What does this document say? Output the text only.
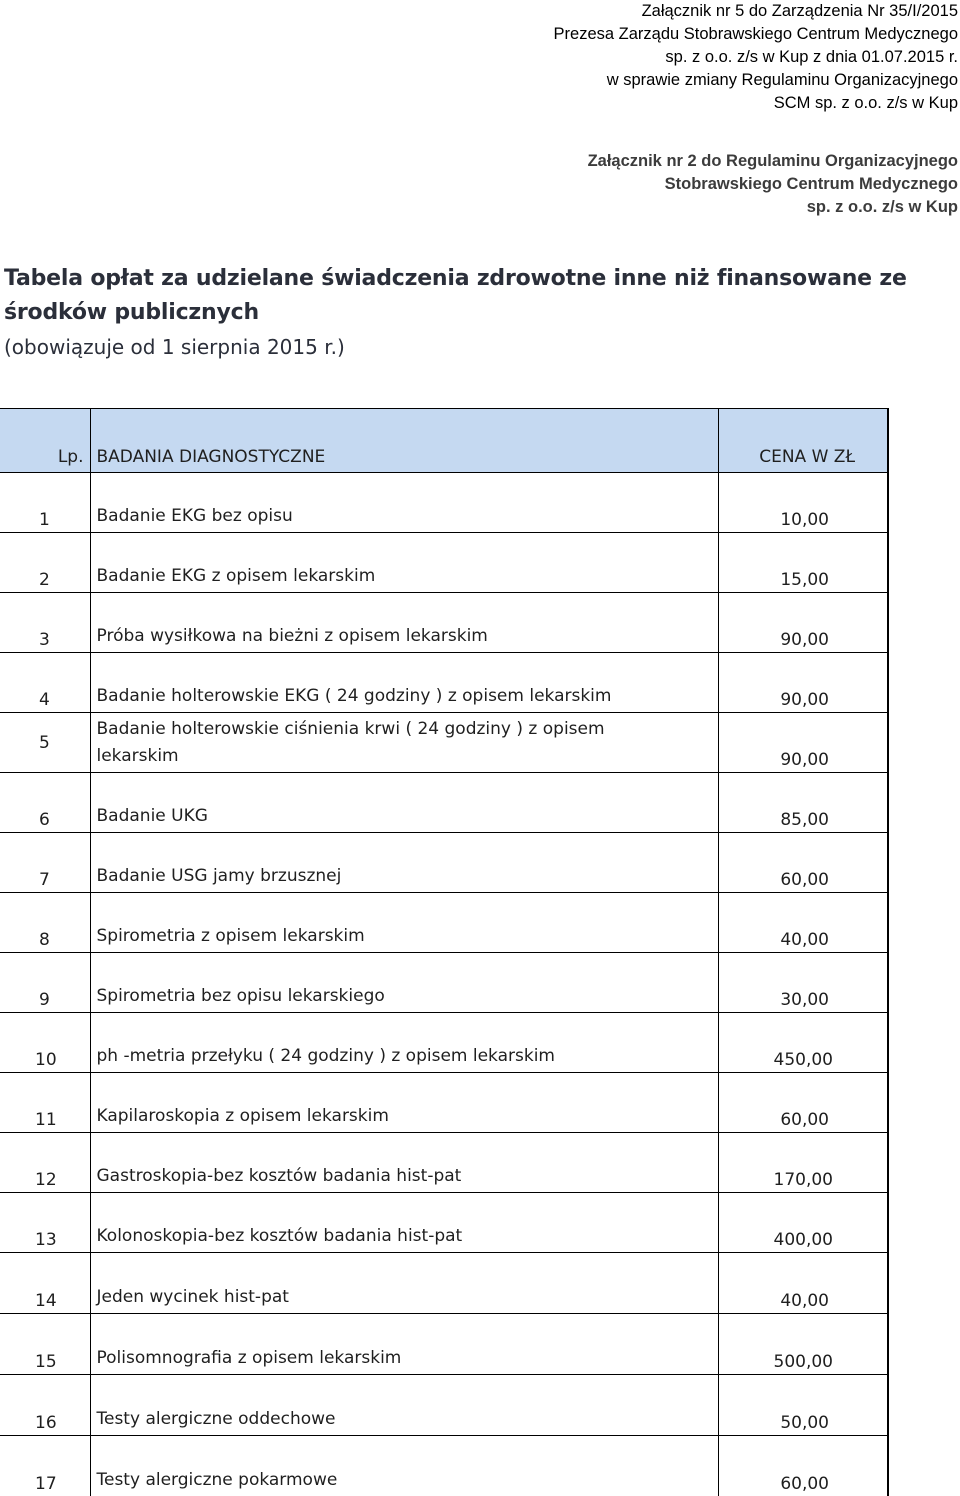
Załącznik nr 5 do Zarządzenia Nr 35/I/2015
Prezesa Zarządu Stobrawskiego Centrum Medycznego
sp. z o.o. z/s w Kup z dnia 01.07.2015 r.
w sprawie zmiany Regulaminu Organizacyjnego
SCM sp. z o.o. z/s w Kup
Załącznik nr 2 do Regulaminu Organizacyjnego
Stobrawskiego Centrum Medycznego
sp. z o.o. z/s w Kup
Tabela opłat za udzielane świadczenia zdrowotne inne niż finansowane ze
środków publicznych
(obowiązuje od 1 sierpnia 2015 r.)
Lp.	BADANIA DIAGNOSTYCZNE	CENA W ZŁ
1	Badanie EKG bez opisu	10,00
2	Badanie EKG z opisem lekarskim	15,00
3	Próba wysiłkowa na bieżni z opisem lekarskim	90,00
4	Badanie holterowskie EKG ( 24 godziny ) z opisem lekarskim	90,00
5	Badanie holterowskie ciśnienia krwi ( 24 godziny ) z opisem
lekarskim	90,00
6	Badanie UKG	85,00
7	Badanie USG jamy brzusznej	60,00
8	Spirometria z opisem lekarskim	40,00
9	Spirometria bez opisu lekarskiego	30,00
10	ph -metria przełyku ( 24 godziny ) z opisem lekarskim	450,00
11	Kapilaroskopia z opisem lekarskim	60,00
12	Gastroskopia-bez kosztów badania hist-pat	170,00
13	Kolonoskopia-bez kosztów badania hist-pat	400,00
14	Jeden wycinek hist-pat	40,00
15	Polisomnografia z opisem lekarskim	500,00
16	Testy alergiczne oddechowe	50,00
17	Testy alergiczne pokarmowe	60,00
